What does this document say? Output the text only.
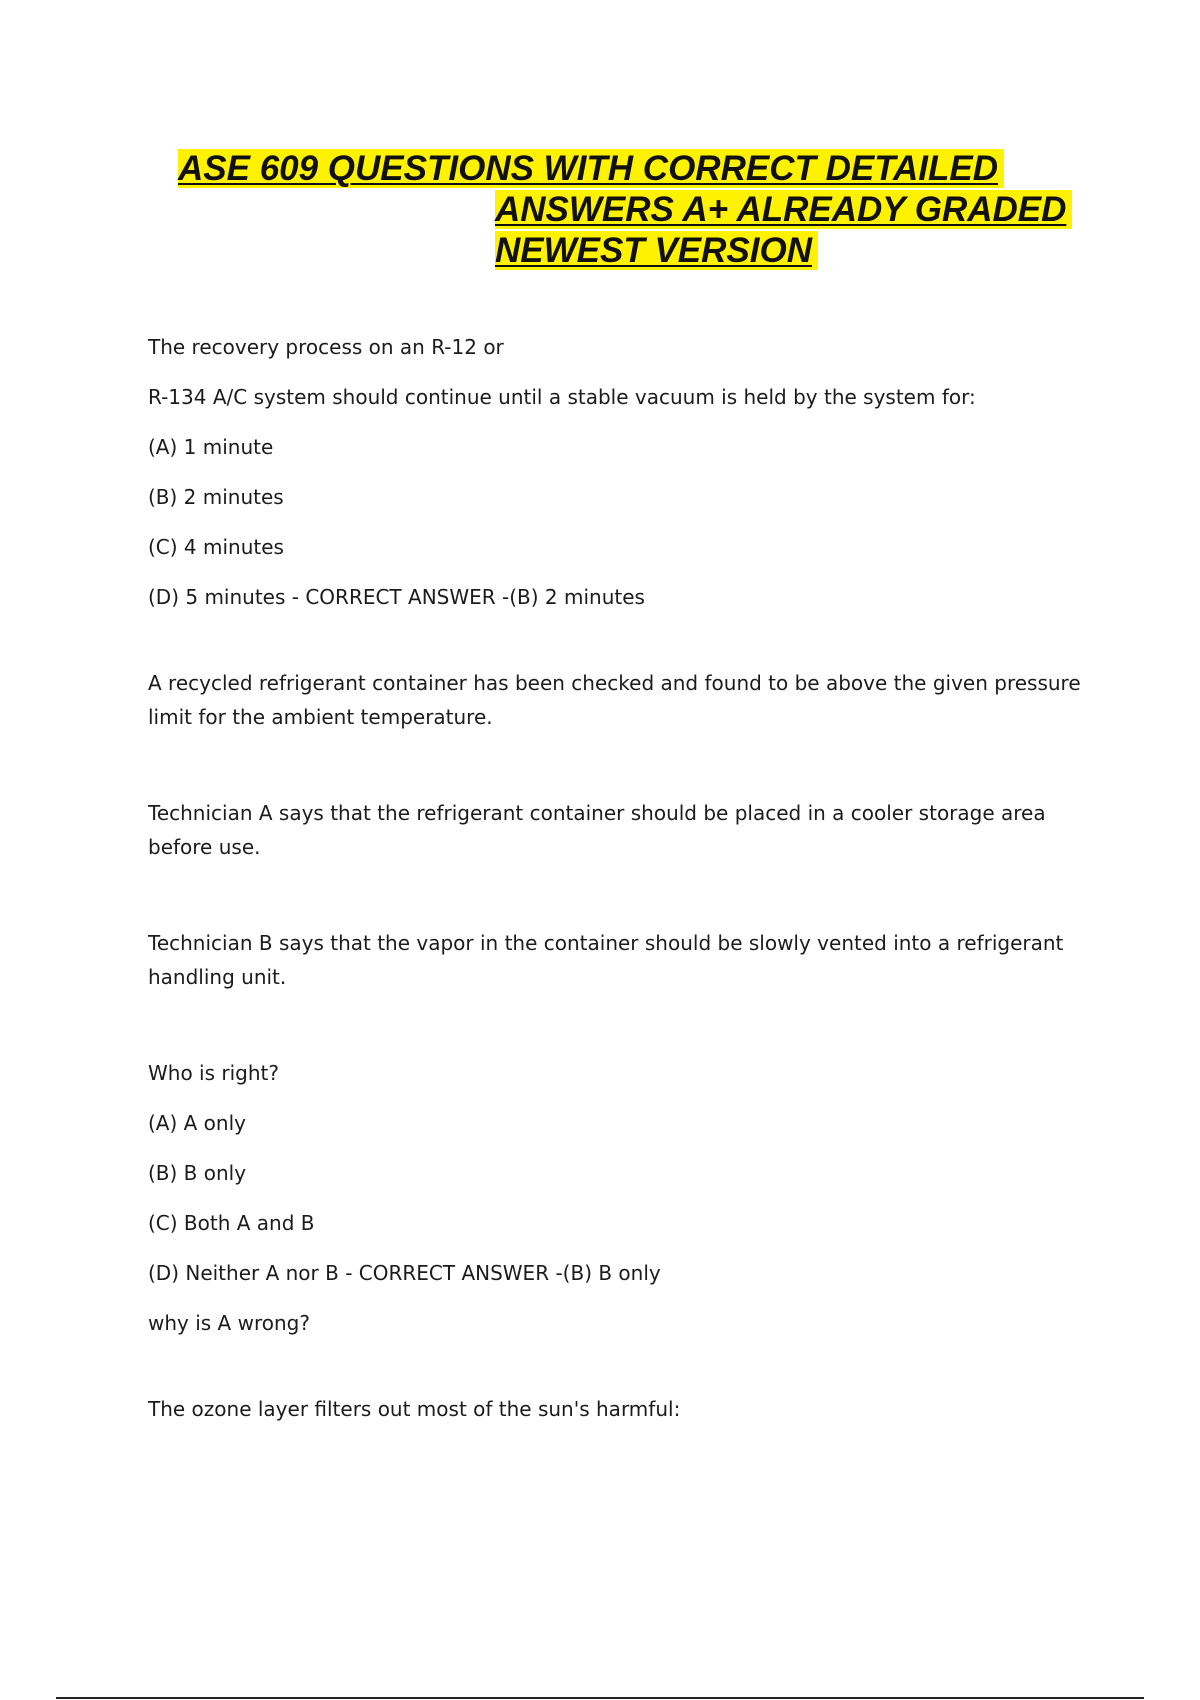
ASE 609 QUESTIONS WITH CORRECT DETAILED
ANSWERS A+ ALREADY GRADED
NEWEST VERSION
The recovery process on an R-12 or
R-134 A/C system should continue until a stable vacuum is held by the system for:
(A) 1 minute
(B) 2 minutes
(C) 4 minutes
(D) 5 minutes - CORRECT ANSWER -(B) 2 minutes
A recycled refrigerant container has been checked and found to be above the given pressure limit for the ambient temperature.
Technician A says that the refrigerant container should be placed in a cooler storage area before use.
Technician B says that the vapor in the container should be slowly vented into a refrigerant handling unit.
Who is right?
(A) A only
(B) B only
(C) Both A and B
(D) Neither A nor B - CORRECT ANSWER -(B) B only
why is A wrong?
The ozone layer filters out most of the sun's harmful:
